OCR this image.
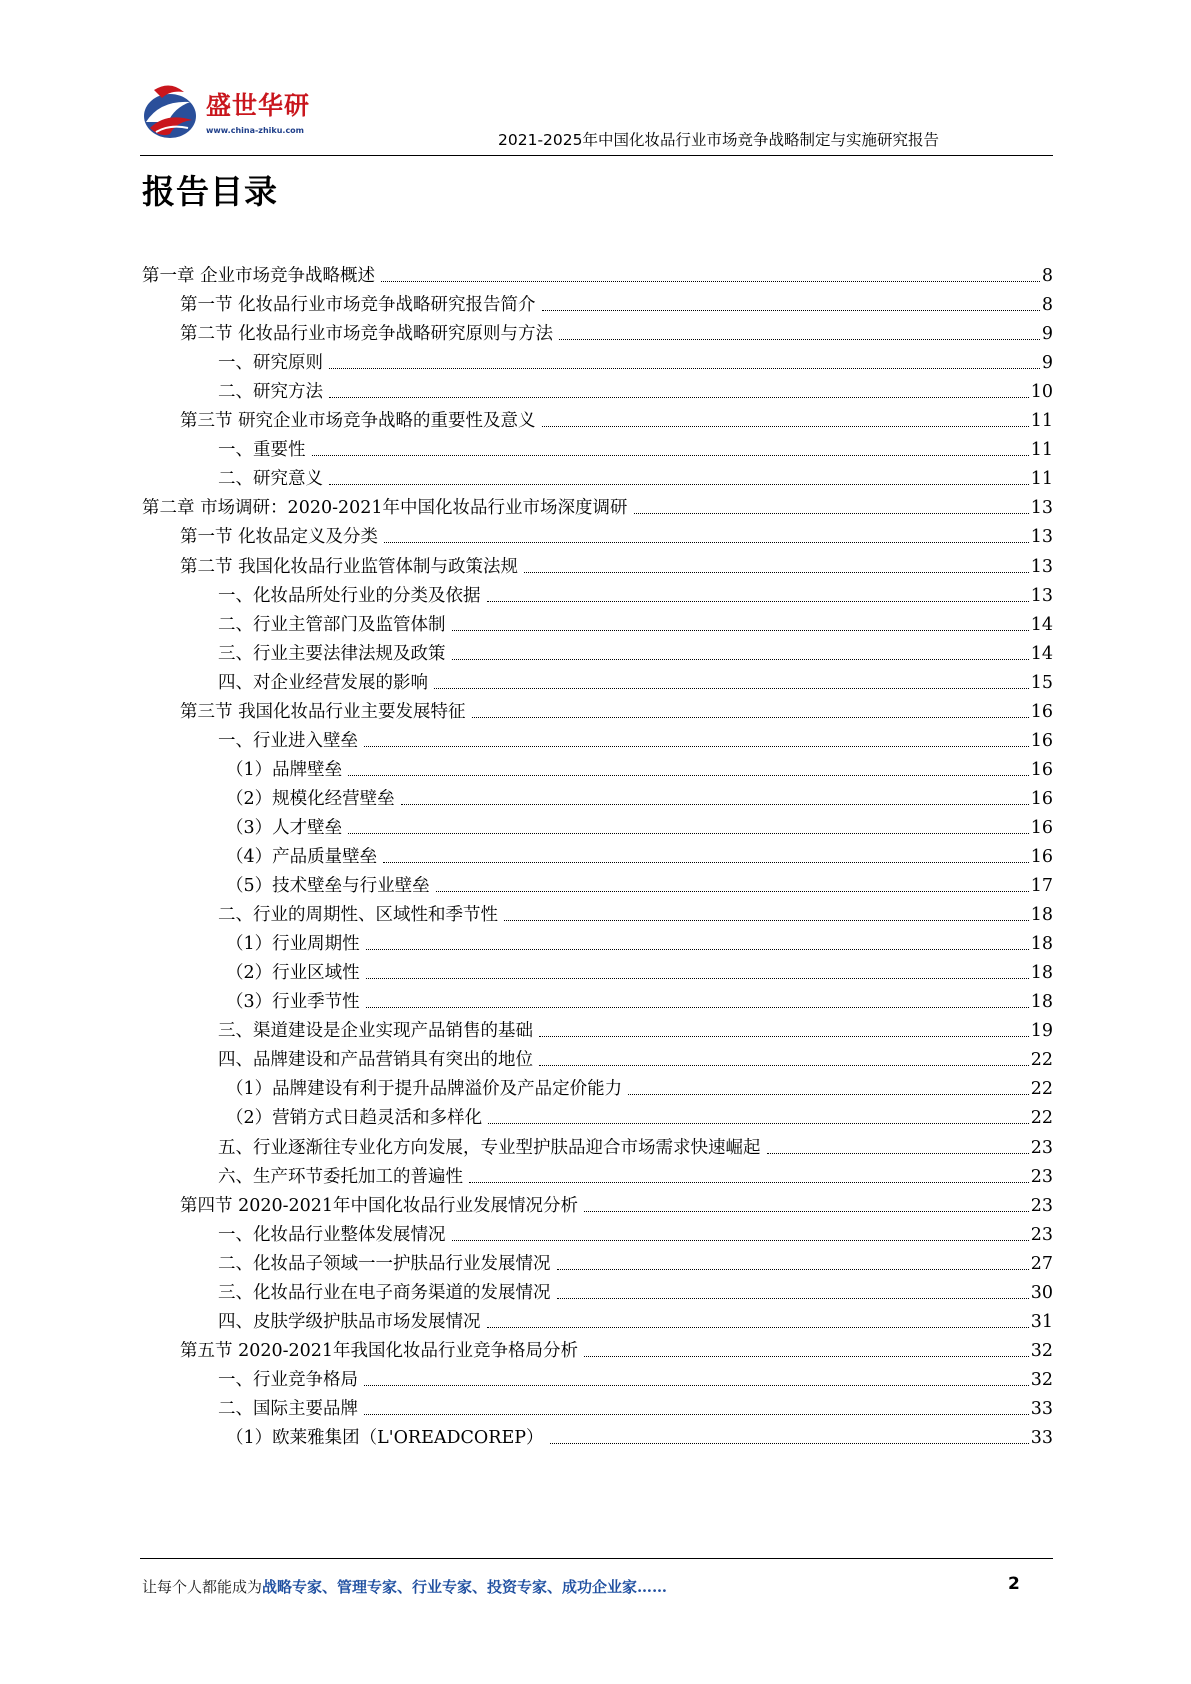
盛世华研
www.china-zhiku.com
2021-2025年中国化妆品行业市场竞争战略制定与实施研究报告
报告目录
第一章 企业市场竞争战略概述	8
第一节 化妆品行业市场竞争战略研究报告简介	8
第二节 化妆品行业市场竞争战略研究原则与方法	9
一、研究原则	9
二、研究方法	10
第三节 研究企业市场竞争战略的重要性及意义	11
一、重要性	11
二、研究意义	11
第二章 市场调研：2020-2021年中国化妆品行业市场深度调研	13
第一节 化妆品定义及分类	13
第二节 我国化妆品行业监管体制与政策法规	13
一、化妆品所处行业的分类及依据	13
二、行业主管部门及监管体制	14
三、行业主要法律法规及政策	14
四、对企业经营发展的影响	15
第三节 我国化妆品行业主要发展特征	16
一、行业进入壁垒	16
（1）品牌壁垒	16
（2）规模化经营壁垒	16
（3）人才壁垒	16
（4）产品质量壁垒	16
（5）技术壁垒与行业壁垒	17
二、行业的周期性、区域性和季节性	18
（1）行业周期性	18
（2）行业区域性	18
（3）行业季节性	18
三、渠道建设是企业实现产品销售的基础	19
四、品牌建设和产品营销具有突出的地位	22
（1）品牌建设有利于提升品牌溢价及产品定价能力	22
（2）营销方式日趋灵活和多样化	22
五、行业逐渐往专业化方向发展，专业型护肤品迎合市场需求快速崛起	23
六、生产环节委托加工的普遍性	23
第四节 2020-2021年中国化妆品行业发展情况分析	23
一、化妆品行业整体发展情况	23
二、化妆品子领域一一护肤品行业发展情况	27
三、化妆品行业在电子商务渠道的发展情况	30
四、皮肤学级护肤品市场发展情况	31
第五节 2020-2021年我国化妆品行业竞争格局分析	32
一、行业竞争格局	32
二、国际主要品牌	33
（1）欧莱雅集团（L'OREADCOREP）	33
让每个人都能成为战略专家、管理专家、行业专家、投资专家、成功企业家……	2
